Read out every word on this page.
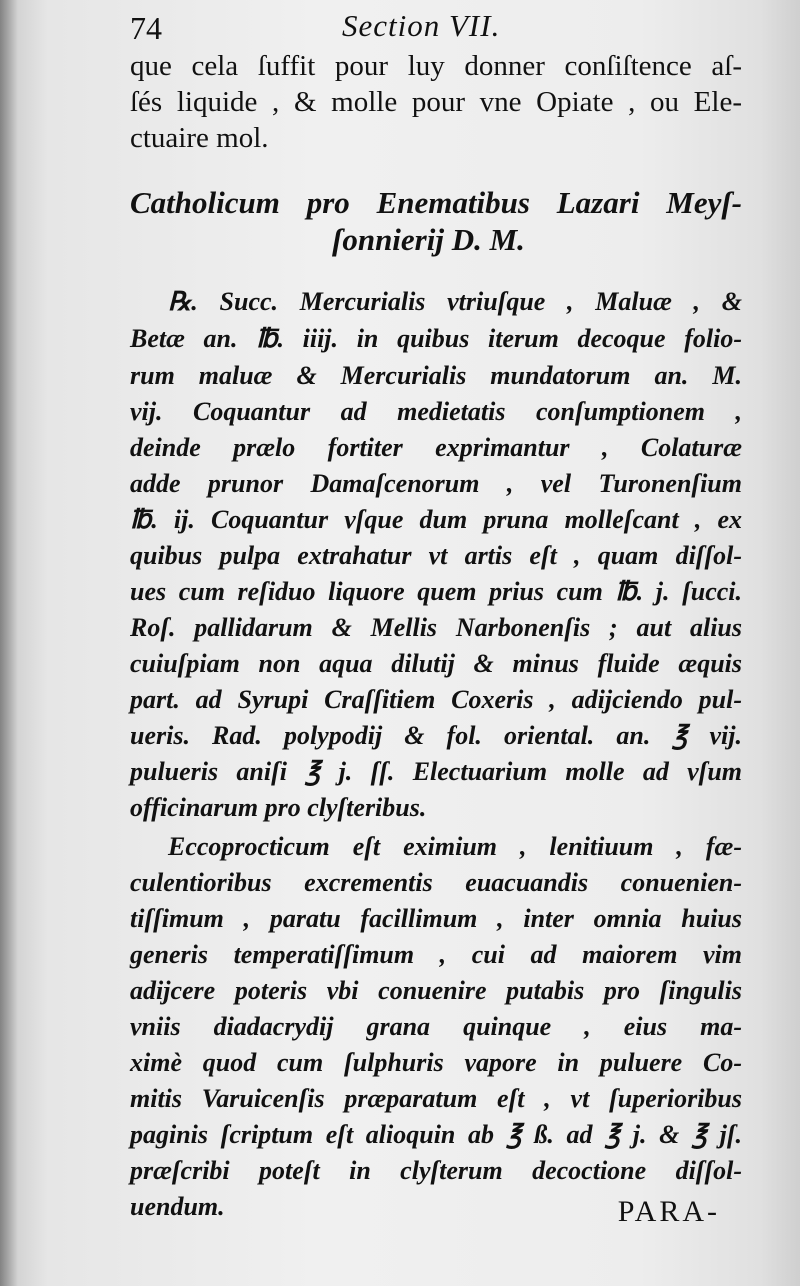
74	Section VII.
que cela ſuffit pour luy donner conſiſtence aſ-
ſés liquide , & molle pour vne Opiate , ou Ele-
ctuaire mol.
Catholicum pro Enematibus Lazari Meyſ-
ſonnierij D. M.
℞. Succ. Mercurialis vtriuſque , Maluæ , &
Betæ an. ℔. iiij. in quibus iterum decoque folio-
rum maluæ & Mercurialis mundatorum an. M.
vij. Coquantur ad medietatis conſumptionem ,
deinde prælo fortiter exprimantur , Colaturæ
adde prunor Damaſcenorum , vel Turonenſium
℔. ij. Coquantur vſque dum pruna molleſcant , ex
quibus pulpa extrahatur vt artis eſt , quam diſſol-
ues cum reſiduo liquore quem prius cum ℔. j. ſucci.
Roſ. pallidarum & Mellis Narbonenſis ; aut alius
cuiuſpiam non aqua dilutij & minus fluide æquis
part. ad Syrupi Craſſitiem Coxeris , adijciendo pul-
ueris. Rad. polypodij & fol. oriental. an. ℥ vij.
pulueris aniſi ℥ j. ſſ. Electuarium molle ad vſum
officinarum pro clyſteribus.
Eccoprocticum eſt eximium , lenitiuum , fæ-
culentioribus excrementis euacuandis conuenien-
tiſſimum , paratu facillimum , inter omnia huius
generis temperatiſſimum , cui ad maiorem vim
adijcere poteris vbi conuenire putabis pro ſingulis
vniis diadacrydij grana quinque , eius ma-
ximè quod cum ſulphuris vapore in puluere Co-
mitis Varuicenſis præparatum eſt , vt ſuperioribus
paginis ſcriptum eſt alioquin ab ℥ ß. ad ℥ j. & ℥ jſ.
præſcribi poteſt in clyſterum decoctione diſſol-
uendum.	PARA-
